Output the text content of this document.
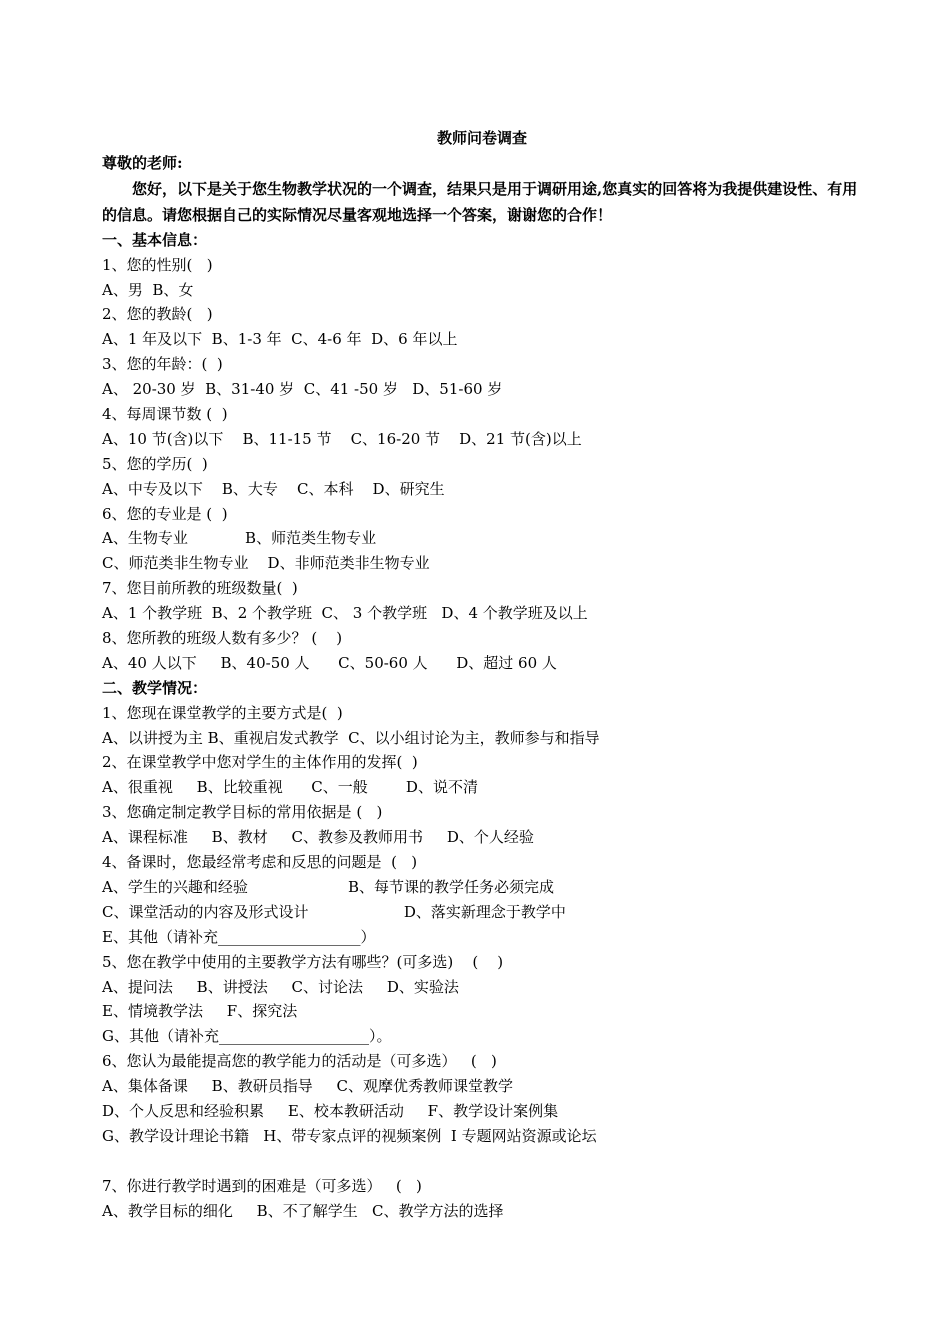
教师问卷调查
尊敬的老师:
您好，以下是关于您生物教学状况的一个调查，结果只是用于调研用途,您真实的回答将为我提供建设性、有用的信息。请您根据自己的实际情况尽量客观地选择一个答案，谢谢您的合作！
一、基本信息：
1、您的性别(   )
A、男  B、女
2、您的教龄(   )
A、1 年及以下  B、1-3 年  C、4-6 年  D、6 年以上
3、您的年龄：(  )
A、 20-30 岁  B、31-40 岁  C、41 -50 岁   D、51-60 岁
4、每周课节数 (  )
A、10 节(含)以下    B、11-15 节    C、16-20 节    D、21 节(含)以上
5、您的学历(  )
A、中专及以下    B、大专    C、本科    D、研究生
6、您的专业是 (  )
A、生物专业            B、师范类生物专业
C、师范类非生物专业    D、非师范类非生物专业
7、您目前所教的班级数量(  )
A、1 个教学班  B、2 个教学班  C、 3 个教学班   D、4 个教学班及以上
8、您所教的班级人数有多少？ (    )
A、40 人以下     B、40-50 人      C、50-60 人      D、超过 60 人
二、教学情况：
1、您现在课堂教学的主要方式是(  )
A、以讲授为主 B、重视启发式教学  C、以小组讨论为主，教师参与和指导
2、在课堂教学中您对学生的主体作用的发挥(  )
A、很重视     B、比较重视      C、一般        D、说不清
3、您确定制定教学目标的常用依据是 (   )
A、课程标准     B、教材     C、教参及教师用书     D、个人经验
4、备课时，您最经常考虑和反思的问题是  (   )
A、学生的兴趣和经验                     B、每节课的教学任务必须完成
C、课堂活动的内容及形式设计                    D、落实新理念于教学中
E、其他（请补充___________________）
5、您在教学中使用的主要教学方法有哪些？(可多选)    (    )
A、提问法     B、讲授法     C、讨论法     D、实验法
E、情境教学法     F、探究法
G、其他（请补充____________________）。
6、您认为最能提高您的教学能力的活动是（可多选）   (   )
A、集体备课     B、教研员指导     C、观摩优秀教师课堂教学
D、个人反思和经验积累     E、校本教研活动     F、教学设计案例集
G、教学设计理论书籍   H、带专家点评的视频案例  I 专题网站资源或论坛
7、你进行教学时遇到的困难是（可多选）   (   )
A、教学目标的细化     B、不了解学生   C、教学方法的选择
